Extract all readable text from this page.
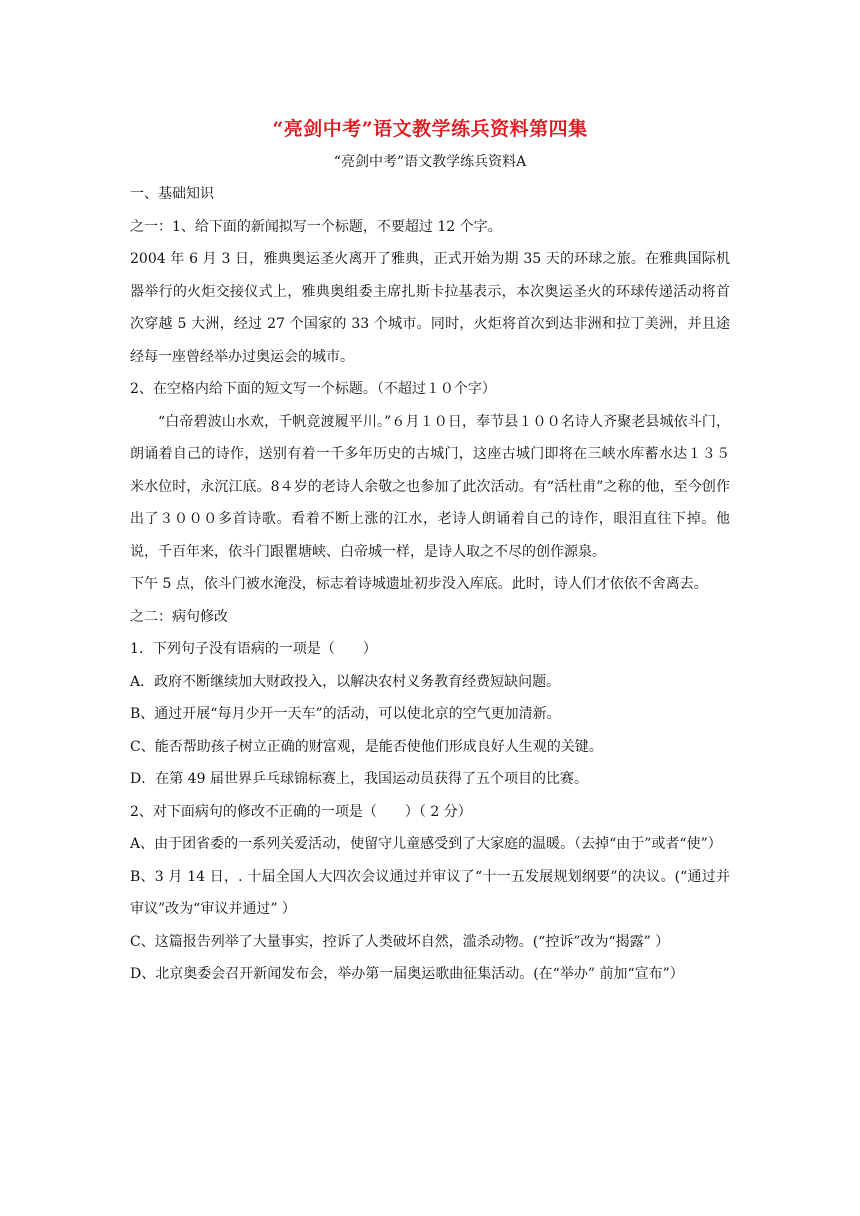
“亮剑中考”语文教学练兵资料第四集

“亮剑中考”语文教学练兵资料A

一、基础知识

之一：1、给下面的新闻拟写一个标题，不要超过 12 个字。

2004 年 6 月 3 日，雅典奥运圣火离开了雅典，正式开始为期 35 天的环球之旅。在雅典国际机器举行的火炬交接仪式上，雅典奥组委主席扎斯卡拉基表示，本次奥运圣火的环球传递活动将首次穿越 5 大洲，经过 27 个国家的 33 个城市。同时，火炬将首次到达非洲和拉丁美洲，并且途经每一座曾经举办过奥运会的城市。

2、在空格内给下面的短文写一个标题。（不超过１０个字）

“白帝碧波山水欢，千帆竞渡履平川。”６月１０日，奉节县１００名诗人齐聚老县城依斗门，朗诵着自己的诗作，送别有着一千多年历史的古城门，这座古城门即将在三峡水库蓄水达１３５米水位时，永沉江底。8４岁的老诗人余敬之也参加了此次活动。有“活杜甫”之称的他，至今创作出了３０００多首诗歌。看着不断上涨的江水，老诗人朗诵着自己的诗作，眼泪直往下掉。他说，千百年来，依斗门跟瞿塘峡、白帝城一样，是诗人取之不尽的创作源泉。

下午 5 点，依斗门被水淹没，标志着诗城遗址初步没入库底。此时，诗人们才依依不舍离去。

之二：病句修改

1．下列句子没有语病的一项是（　　）

A．政府不断继续加大财政投入，以解决农村义务教育经费短缺问题。

B、通过开展“每月少开一天车”的活动，可以使北京的空气更加清新。

C、能否帮助孩子树立正确的财富观，是能否使他们形成良好人生观的关键。

D．在第 49 届世界乒乓球锦标赛上，我国运动员获得了五个项目的比赛。

2、对下面病句的修改不正确的一项是（　　）（ 2 分）

A、由于团省委的一系列关爱活动，使留守儿童感受到了大家庭的温暖。（去掉“由于”或者“使”）

B、3 月 14 日，. 十届全国人大四次会议通过并审议了“十一五发展规划纲要”的决议。(“通过并审议”改为“审议并通过” ）

C、这篇报告列举了大量事实，控诉了人类破坏自然，滥杀动物。(“控诉”改为“揭露” ）

D、北京奥委会召开新闻发布会，举办第一届奥运歌曲征集活动。(在“举办” 前加“宣布”）
